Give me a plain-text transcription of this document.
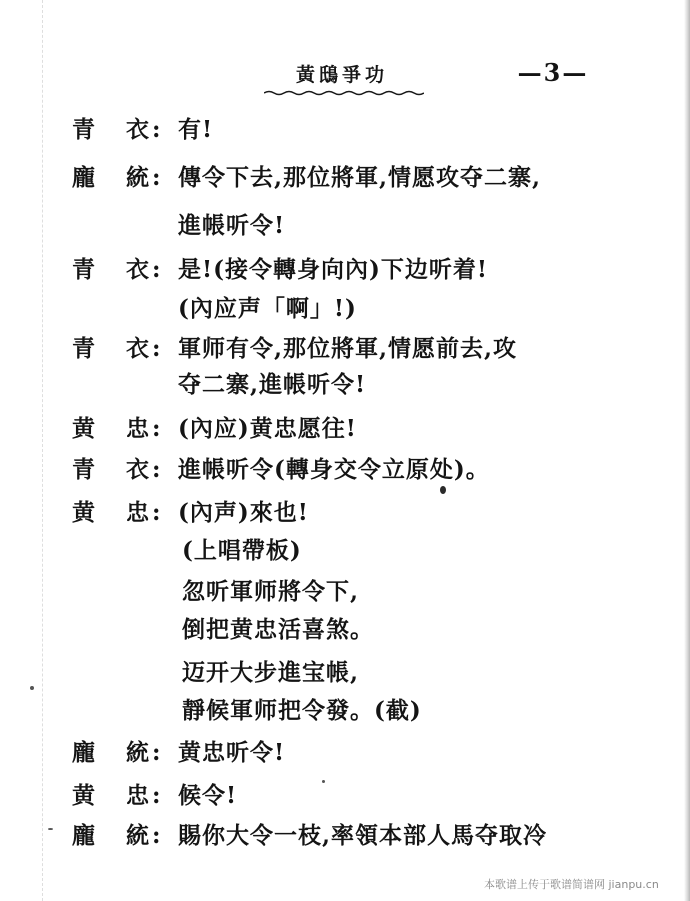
黃䲭爭功	—3—
青 衣 : 有!
龐 統 : 傳令下去,那位將軍,情愿攻夺二寨,
進帳听令!
青 衣 : 是!(接令轉身向內)下边听着!
(內应声「啊」!)
青 衣 : 軍师有令,那位將軍,情愿前去,攻
夺二寨,進帳听令!
黄 忠 : (內应)黄忠愿往!
青 衣 : 進帳听令(轉身交令立原处)。
黄 忠 : (內声)來也!
(上唱帶板)
忽听軍师將令下,
倒把黄忠活喜煞。
迈开大步進宝帳,
靜候軍师把令發。(截)
龐 統 : 黄忠听令!
黄 忠 : 候令!
龐 統 : 賜你大令一枝,率領本部人馬夺取冷
本歌谱上传于歌谱简谱网 jianpu.cn
